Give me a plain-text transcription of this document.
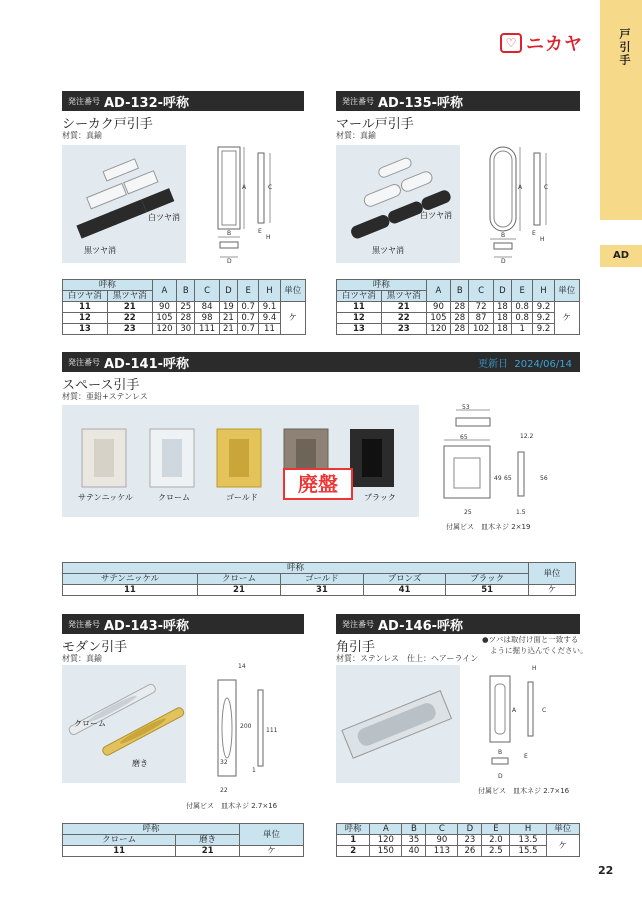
戸引手
AD
♡ ニカヤ
発注番号 AD-132-呼称
シーカク戸引手
材質：真鍮
白ツヤ消
黒ツヤ消
A	C
B
D
E
H
呼称		A	B	C	D	E	H	単位
白ツヤ消	黒ツヤ消							
11	21	90	25	84	19	0.7	9.1	ケ
12	22	105	28	98	21	0.7	9.4	
13	23	120	30	111	21	0.7	11	
発注番号 AD-135-呼称
マール戸引手
材質：真鍮
白ツヤ消
黒ツヤ消
A	C
B
D
E
H
呼称		A	B	C	D	E	H	単位
白ツヤ消	黒ツヤ消							
11	21	90	28	72	18	0.8	9.2	ケ
12	22	105	28	87	18	0.8	9.2	
13	23	120	28	102	18	1	9.2	
発注番号 AD-141-呼称	更新日 2024/06/14
スペース引手
材質：亜鉛+ステンレス
サテンニッケル	クローム	ゴールド	ブラック
廃盤
53
65
49 65
12.2
56
25	1.5
付属ビス　皿木ネジ 2×19
呼称					単位
サテンニッケル	クローム	ゴールド	ブロンズ	ブラック	
11	21	31	41	51	ケ
発注番号 AD-143-呼称
モダン引手
材質：真鍮
クローム
磨き
14
200
111
32
22
1
付属ビス　皿木ネジ 2.7×16
呼称		単位
クローム	磨き	
11	21	ケ
発注番号 AD-146-呼称
角引手
材質：ステンレス　仕上：ヘアーライン
●ツバは取付け面と一致する
ように掘り込んでください。
A	C
H
B
D
E
付属ビス　皿木ネジ 2.7×16
呼称	A	B	C	D	E	H	単位
1	120	35	90	23	2.0	13.5	ケ
2	150	40	113	26	2.5	15.5	
22
